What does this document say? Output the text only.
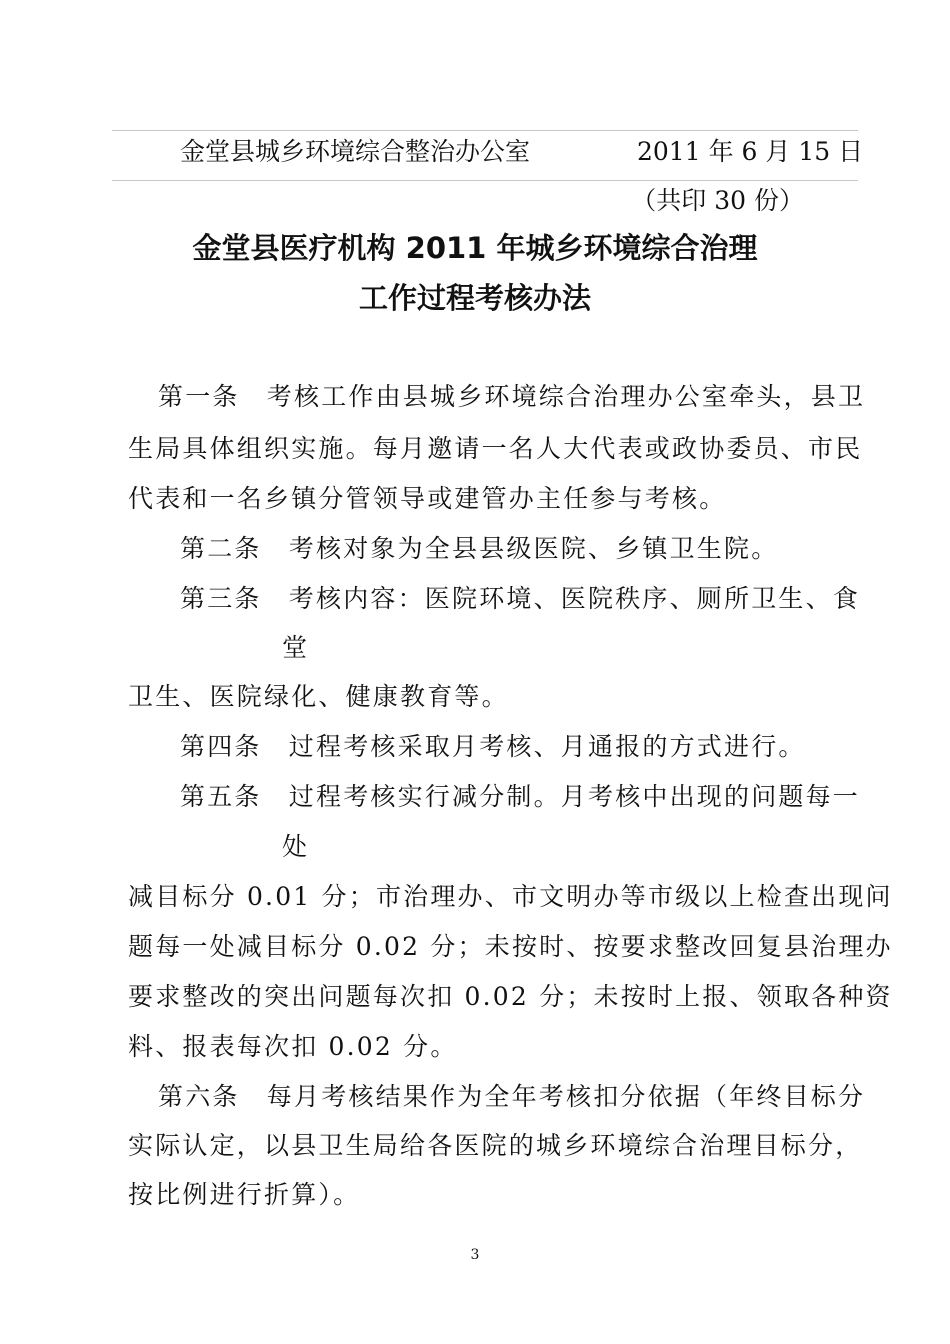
金堂县城乡环境综合整治办公室	2011 年 6 月 15 日
（共印 30 份）
金堂县医疗机构 2011 年城乡环境综合治理
工作过程考核办法
第一条　考核工作由县城乡环境综合治理办公室牵头，县卫
生局具体组织实施。每月邀请一名人大代表或政协委员、市民
代表和一名乡镇分管领导或建管办主任参与考核。
第二条　考核对象为全县县级医院、乡镇卫生院。
第三条　考核内容：医院环境、医院秩序、厕所卫生、食
堂
卫生、医院绿化、健康教育等。
第四条　过程考核采取月考核、月通报的方式进行。
第五条　过程考核实行减分制。月考核中出现的问题每一
处
减目标分 0.01 分；市治理办、市文明办等市级以上检查出现问
题每一处减目标分 0.02 分；未按时、按要求整改回复县治理办
要求整改的突出问题每次扣 0.02 分；未按时上报、领取各种资
料、报表每次扣 0.02 分。
第六条　每月考核结果作为全年考核扣分依据（年终目标分
实际认定，以县卫生局给各医院的城乡环境综合治理目标分，
按比例进行折算）。
3
